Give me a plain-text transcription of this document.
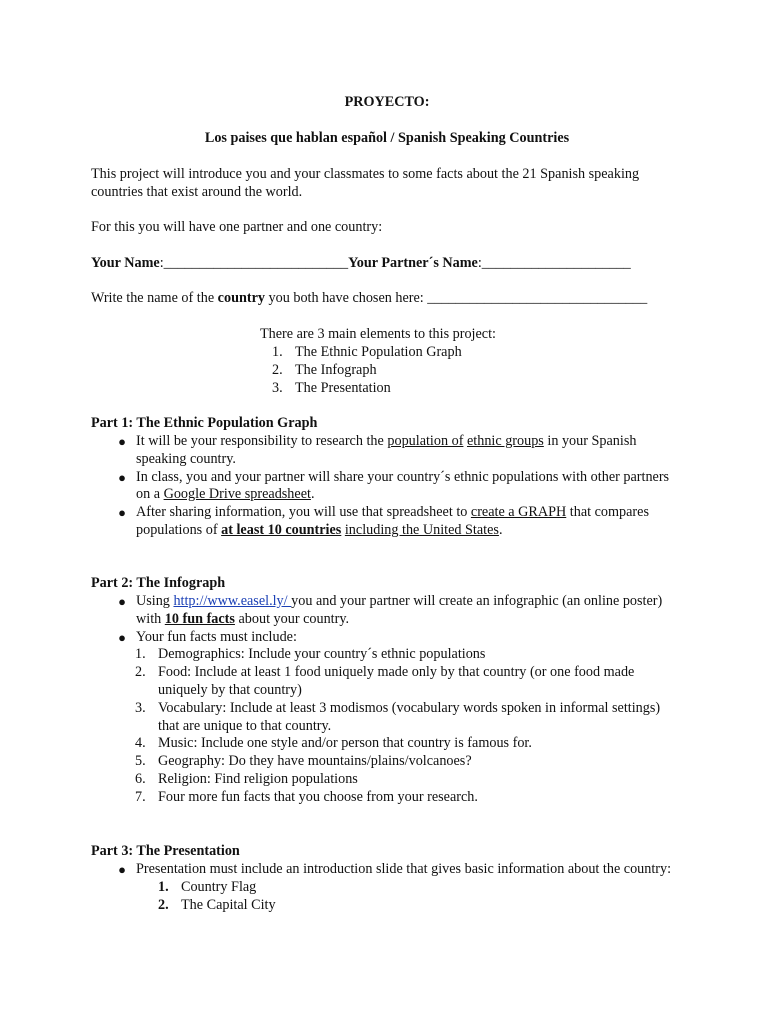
PROYECTO:

Los paises que hablan español / Spanish Speaking Countries

This project will introduce you and your classmates to some facts about the 21 Spanish speaking countries that exist around the world.

For this you will have one partner and one country:

Your Name:__________________________Your Partner´s Name:_____________________

Write the name of the country you both have chosen here: _______________________________

There are 3 main elements to this project:

1. The Ethnic Population Graph
2. The Infograph
3. The Presentation

Part 1: The Ethnic Population Graph

● It will be your responsibility to research the population of ethnic groups in your Spanish speaking country.
● In class, you and your partner will share your country´s ethnic populations with other partners on a Google Drive spreadsheet.
● After sharing information, you will use that spreadsheet to create a GRAPH that compares populations of at least 10 countries including the United States.

Part 2: The Infograph

● Using http://www.easel.ly/ you and your partner will create an infographic (an online poster) with 10 fun facts about your country.
● Your fun facts must include:
1. Demographics: Include your country´s ethnic populations
2. Food: Include at least 1 food uniquely made only by that country (or one food made uniquely by that country)
3. Vocabulary: Include at least 3 modismos (vocabulary words spoken in informal settings) that are unique to that country.
4. Music: Include one style and/or person that country is famous for.
5. Geography: Do they have mountains/plains/volcanoes?
6. Religion: Find religion populations
7. Four more fun facts that you choose from your research.

Part 3: The Presentation

● Presentation must include an introduction slide that gives basic information about the country:
1. Country Flag
2. The Capital City
